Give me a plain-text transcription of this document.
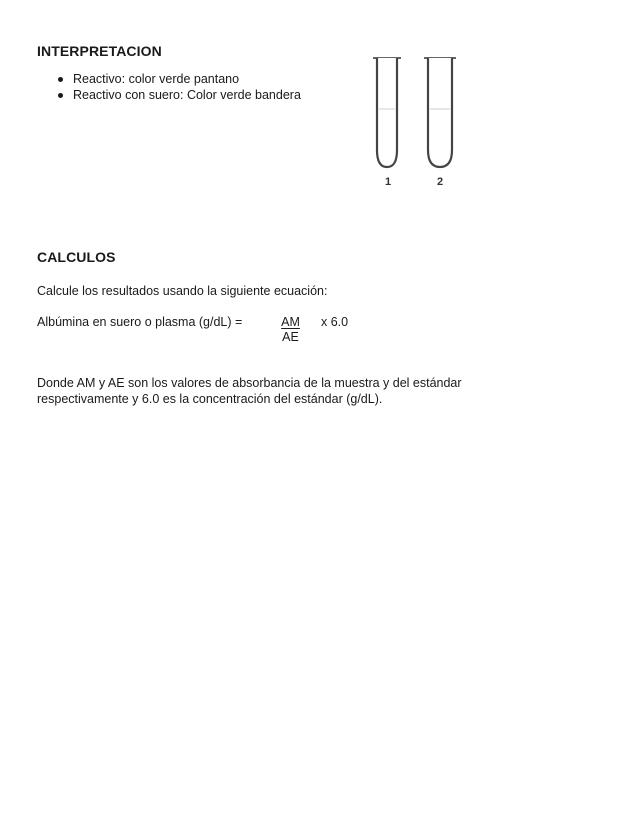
INTERPRETACION
Reactivo: color verde pantano
Reactivo con suero: Color verde bandera
1	2
CALCULOS
Calcule los resultados usando la siguiente ecuación:
Albúmina en suero o plasma (g/dL) =	AM	x 6.0
AE
Donde AM y AE son los valores de absorbancia de la muestra y del estándar
respectivamente y 6.0 es la concentración del estándar (g/dL).
